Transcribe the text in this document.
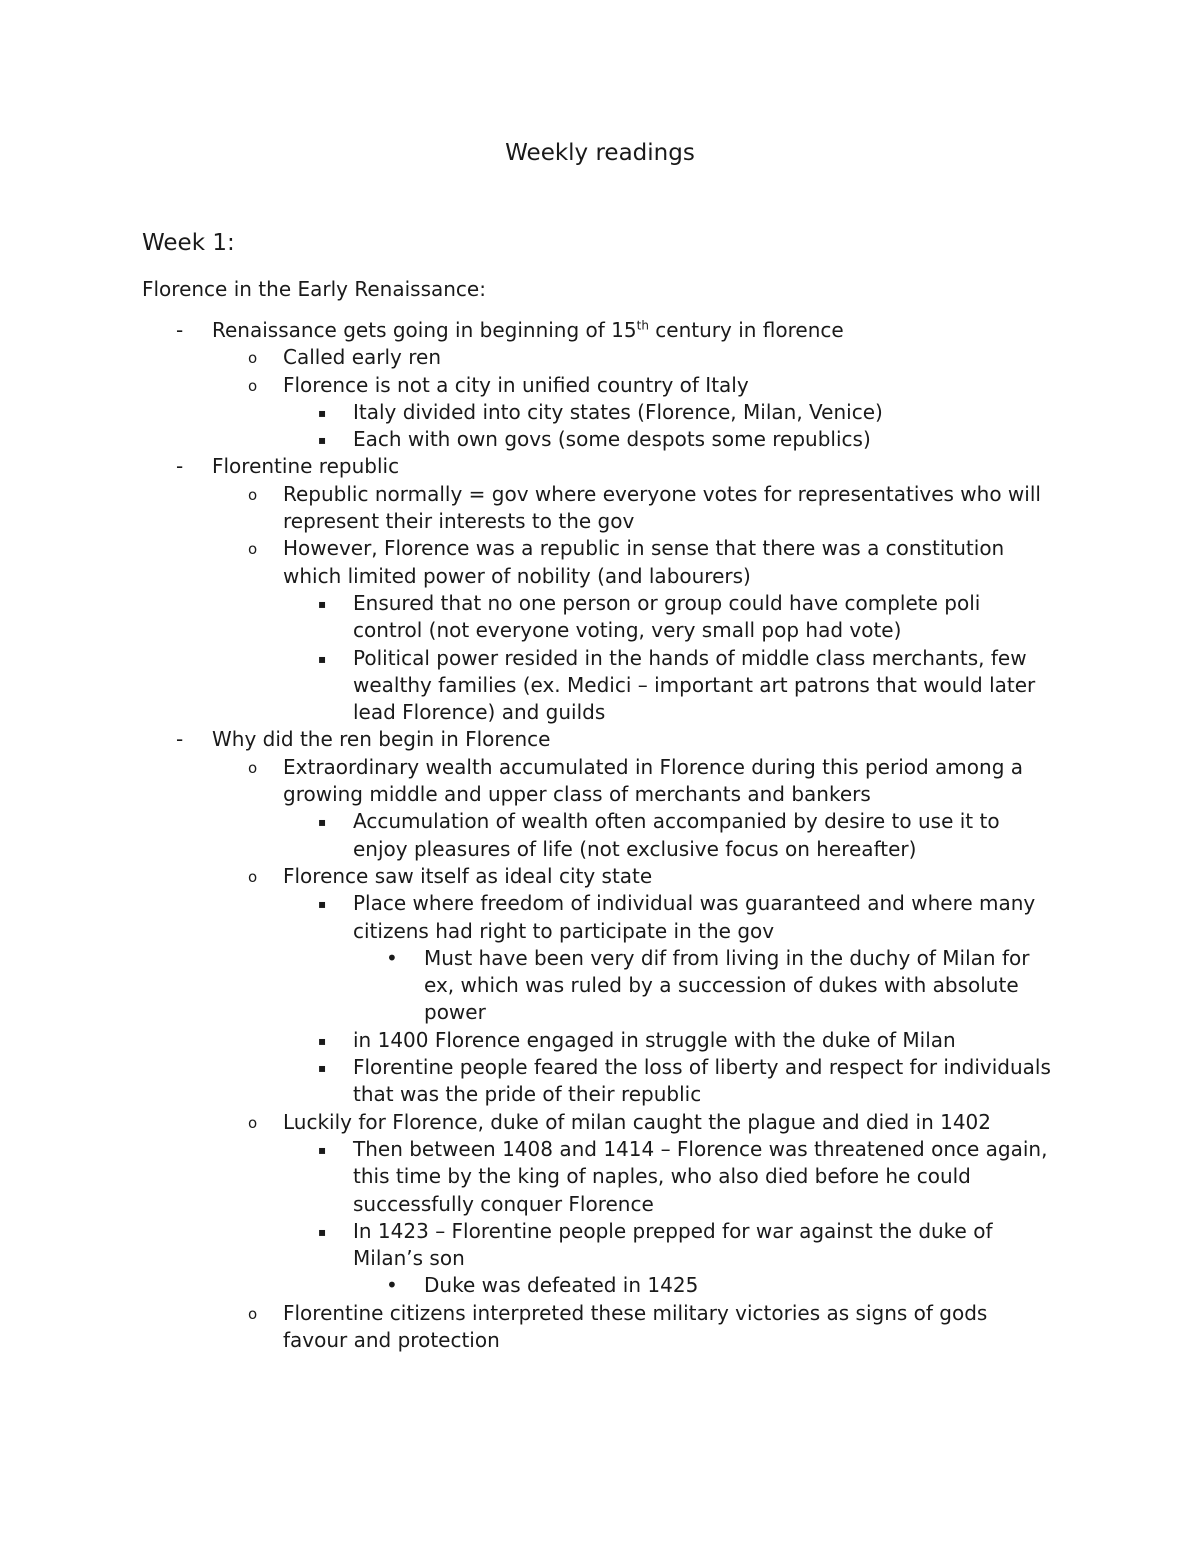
Weekly readings
Week 1:
Florence in the Early Renaissance:
- Renaissance gets going in beginning of 15th century in florence
o Called early ren
o Florence is not a city in unified country of Italy
▪ Italy divided into city states (Florence, Milan, Venice)
▪ Each with own govs (some despots some republics)
- Florentine republic
o Republic normally = gov where everyone votes for representatives who will represent their interests to the gov
o However, Florence was a republic in sense that there was a constitution which limited power of nobility (and labourers)
▪ Ensured that no one person or group could have complete poli control (not everyone voting, very small pop had vote)
▪ Political power resided in the hands of middle class merchants, few wealthy families (ex. Medici – important art patrons that would later lead Florence) and guilds
- Why did the ren begin in Florence
o Extraordinary wealth accumulated in Florence during this period among a growing middle and upper class of merchants and bankers
▪ Accumulation of wealth often accompanied by desire to use it to enjoy pleasures of life (not exclusive focus on hereafter)
o Florence saw itself as ideal city state
▪ Place where freedom of individual was guaranteed and where many citizens had right to participate in the gov
• Must have been very dif from living in the duchy of Milan for ex, which was ruled by a succession of dukes with absolute power
▪ in 1400 Florence engaged in struggle with the duke of Milan
▪ Florentine people feared the loss of liberty and respect for individuals that was the pride of their republic
o Luckily for Florence, duke of milan caught the plague and died in 1402
▪ Then between 1408 and 1414 – Florence was threatened once again, this time by the king of naples, who also died before he could successfully conquer Florence
▪ In 1423 – Florentine people prepped for war against the duke of Milan’s son
• Duke was defeated in 1425
o Florentine citizens interpreted these military victories as signs of gods favour and protection
